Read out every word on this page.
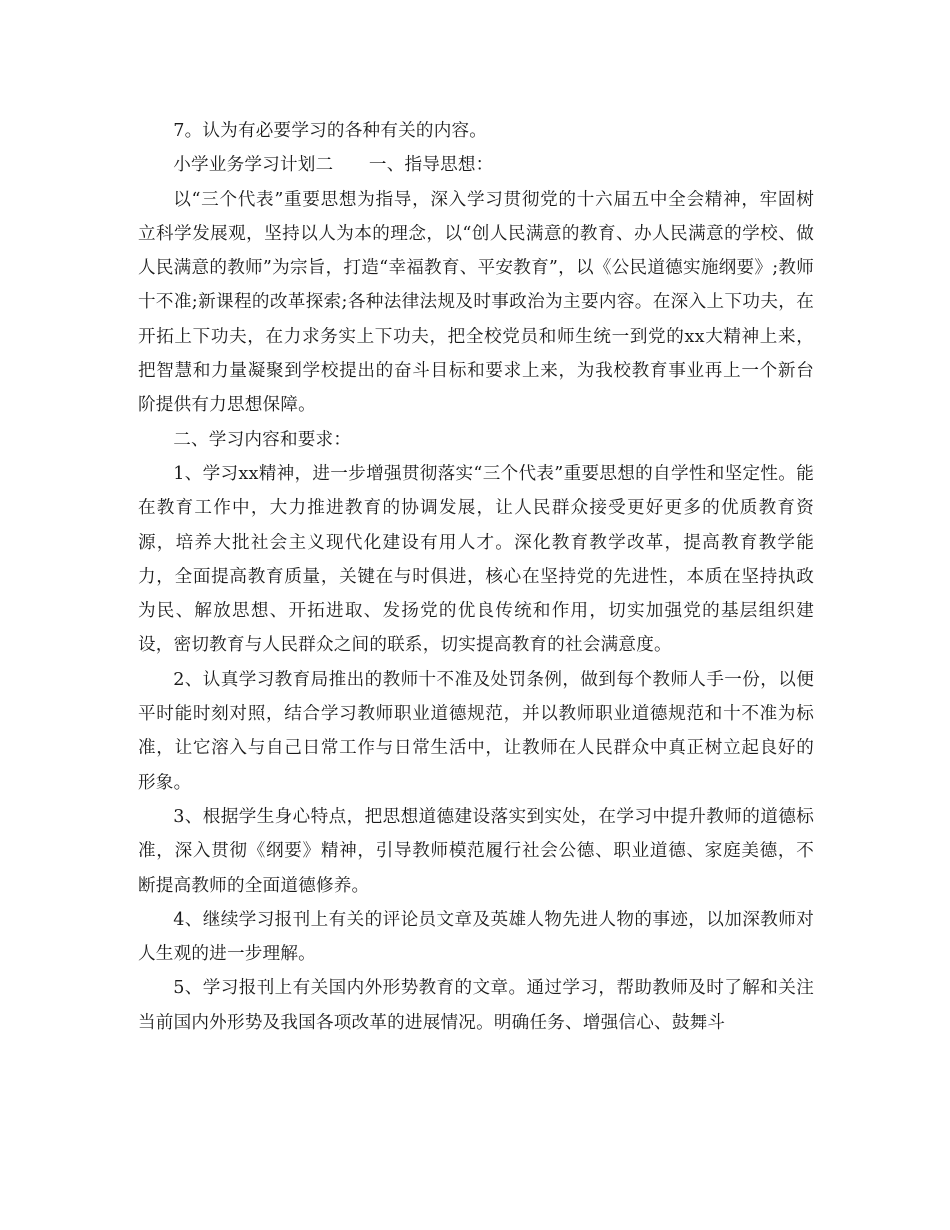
7。认为有必要学习的各种有关的内容。

小学业务学习计划二　　一、指导思想：

以“三个代表”重要思想为指导，深入学习贯彻党的十六届五中全会精神，牢固树立科学发展观，坚持以人为本的理念，以“创人民满意的教育、办人民满意的学校、做人民满意的教师”为宗旨，打造“幸福教育、平安教育”，以《公民道德实施纲要》;教师十不准;新课程的改革探索;各种法律法规及时事政治为主要内容。在深入上下功夫，在开拓上下功夫，在力求务实上下功夫，把全校党员和师生统一到党的xx大精神上来，把智慧和力量凝聚到学校提出的奋斗目标和要求上来，为我校教育事业再上一个新台阶提供有力思想保障。

二、学习内容和要求：

1、学习xx精神，进一步增强贯彻落实“三个代表”重要思想的自学性和坚定性。能在教育工作中，大力推进教育的协调发展，让人民群众接受更好更多的优质教育资源，培养大批社会主义现代化建设有用人才。深化教育教学改革，提高教育教学能力，全面提高教育质量，关键在与时俱进，核心在坚持党的先进性，本质在坚持执政为民、解放思想、开拓进取、发扬党的优良传统和作用，切实加强党的基层组织建设，密切教育与人民群众之间的联系，切实提高教育的社会满意度。

2、认真学习教育局推出的教师十不准及处罚条例，做到每个教师人手一份，以便平时能时刻对照，结合学习教师职业道德规范，并以教师职业道德规范和十不准为标准，让它溶入与自己日常工作与日常生活中，让教师在人民群众中真正树立起良好的形象。

3、根据学生身心特点，把思想道德建设落实到实处，在学习中提升教师的道德标准，深入贯彻《纲要》精神，引导教师模范履行社会公德、职业道德、家庭美德，不断提高教师的全面道德修养。

4、继续学习报刊上有关的评论员文章及英雄人物先进人物的事迹，以加深教师对人生观的进一步理解。

5、学习报刊上有关国内外形势教育的文章。通过学习，帮助教师及时了解和关注当前国内外形势及我国各项改革的进展情况。明确任务、增强信心、鼓舞斗
